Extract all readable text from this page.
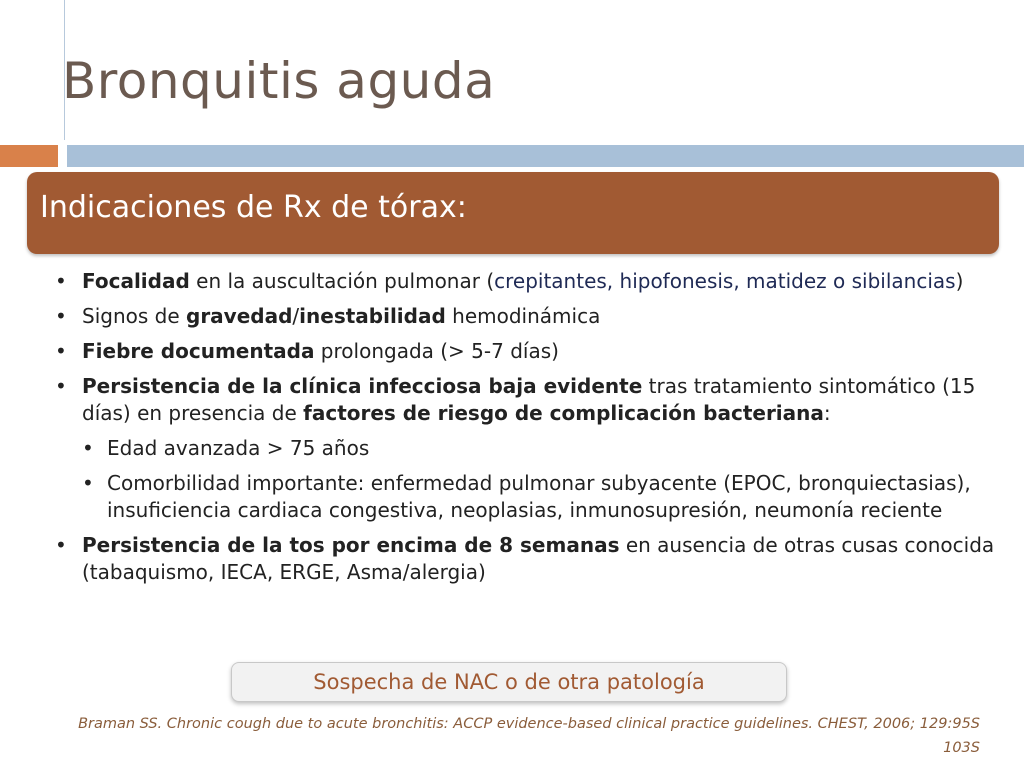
Bronquitis aguda
Indicaciones de Rx de tórax:
• Focalidad en la auscultación pulmonar (crepitantes, hipofonesis, matidez o sibilancias)
• Signos de gravedad/inestabilidad hemodinámica
• Fiebre documentada prolongada (> 5-7 días)
• Persistencia de la clínica infecciosa baja evidente tras tratamiento sintomático (15 días) en presencia de factores de riesgo de complicación bacteriana:
• Edad avanzada > 75 años
• Comorbilidad importante: enfermedad pulmonar subyacente (EPOC, bronquiectasias), insuficiencia cardiaca congestiva, neoplasias, inmunosupresión, neumonía reciente
• Persistencia de la tos por encima de 8 semanas en ausencia de otras cusas conocida (tabaquismo, IECA, ERGE, Asma/alergia)
Sospecha de NAC o de otra patología
Braman SS. Chronic cough due to acute bronchitis: ACCP evidence-based clinical practice guidelines. CHEST, 2006; 129:95S 103S
